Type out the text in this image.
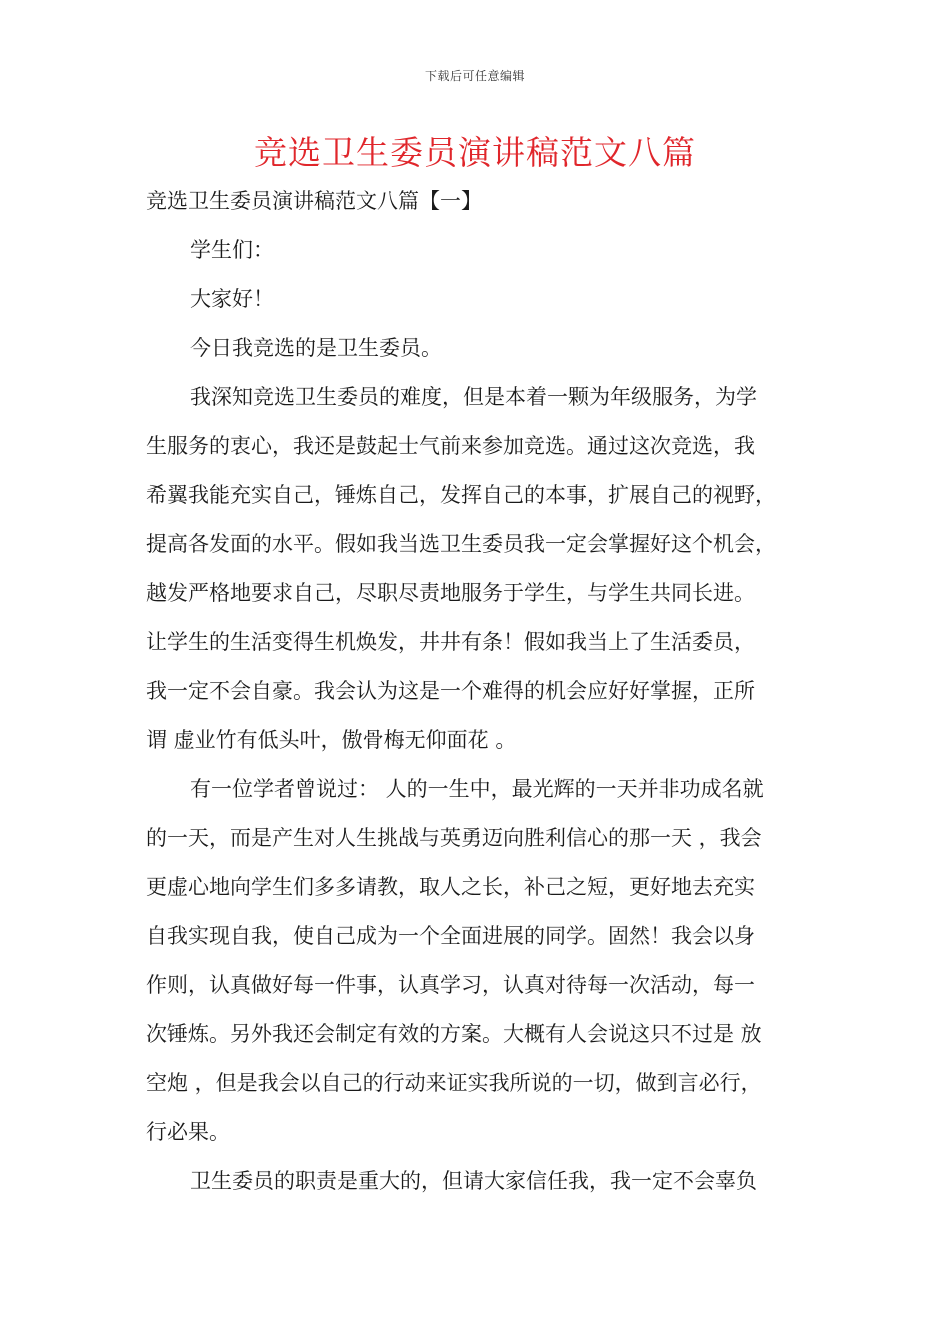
下载后可任意编辑
竞选卫生委员演讲稿范文八篇
竞选卫生委员演讲稿范文八篇【一】
学生们：
大家好！
今日我竞选的是卫生委员。
我深知竞选卫生委员的难度，但是本着一颗为年级服务，为学
生服务的衷心，我还是鼓起士气前来参加竞选。通过这次竞选，我
希翼我能充实自己，锤炼自己，发挥自己的本事，扩展自己的视野，
提高各发面的水平。假如我当选卫生委员我一定会掌握好这个机会，
越发严格地要求自己，尽职尽责地服务于学生，与学生共同长进。
让学生的生活变得生机焕发，井井有条！假如我当上了生活委员，
我一定不会自豪。我会认为这是一个难得的机会应好好掌握，正所
谓 虚业竹有低头叶，傲骨梅无仰面花 。
有一位学者曾说过： 人的一生中，最光辉的一天并非功成名就
的一天，而是产生对人生挑战与英勇迈向胜利信心的那一天 ，我会
更虚心地向学生们多多请教，取人之长，补己之短，更好地去充实
自我实现自我，使自己成为一个全面进展的同学。固然！我会以身
作则，认真做好每一件事，认真学习，认真对待每一次活动，每一
次锤炼。另外我还会制定有效的方案。大概有人会说这只不过是 放
空炮 ，但是我会以自己的行动来证实我所说的一切，做到言必行，
行必果。
卫生委员的职责是重大的，但请大家信任我，我一定不会辜负
